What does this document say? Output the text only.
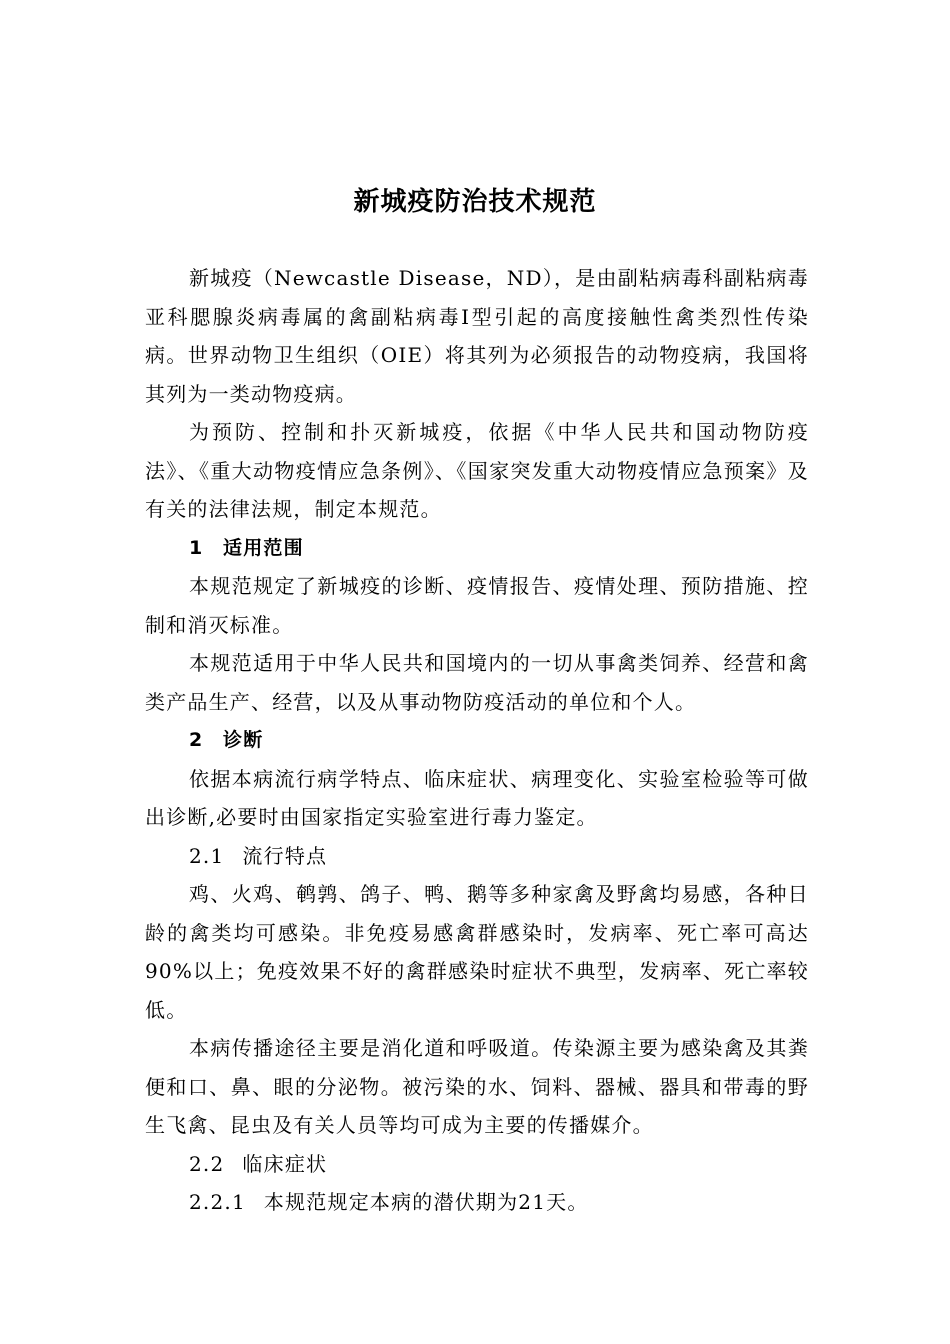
新城疫防治技术规范

新城疫（Newcastle Disease，ND），是由副粘病毒科副粘病毒亚科腮腺炎病毒属的禽副粘病毒Ⅰ型引起的高度接触性禽类烈性传染病。世界动物卫生组织（OIE）将其列为必须报告的动物疫病，我国将其列为一类动物疫病。

为预防、控制和扑灭新城疫，依据《中华人民共和国动物防疫法》、《重大动物疫情应急条例》、《国家突发重大动物疫情应急预案》及有关的法律法规，制定本规范。

1 适用范围

本规范规定了新城疫的诊断、疫情报告、疫情处理、预防措施、控制和消灭标准。

本规范适用于中华人民共和国境内的一切从事禽类饲养、经营和禽类产品生产、经营，以及从事动物防疫活动的单位和个人。

2 诊断

依据本病流行病学特点、临床症状、病理变化、实验室检验等可做出诊断,必要时由国家指定实验室进行毒力鉴定。

2.1 流行特点

鸡、火鸡、鹌鹑、鸽子、鸭、鹅等多种家禽及野禽均易感，各种日龄的禽类均可感染。非免疫易感禽群感染时，发病率、死亡率可高达90%以上；免疫效果不好的禽群感染时症状不典型，发病率、死亡率较低。

本病传播途径主要是消化道和呼吸道。传染源主要为感染禽及其粪便和口、鼻、眼的分泌物。被污染的水、饲料、器械、器具和带毒的野生飞禽、昆虫及有关人员等均可成为主要的传播媒介。

2.2 临床症状
2.2.1 本规范规定本病的潜伏期为21天。
